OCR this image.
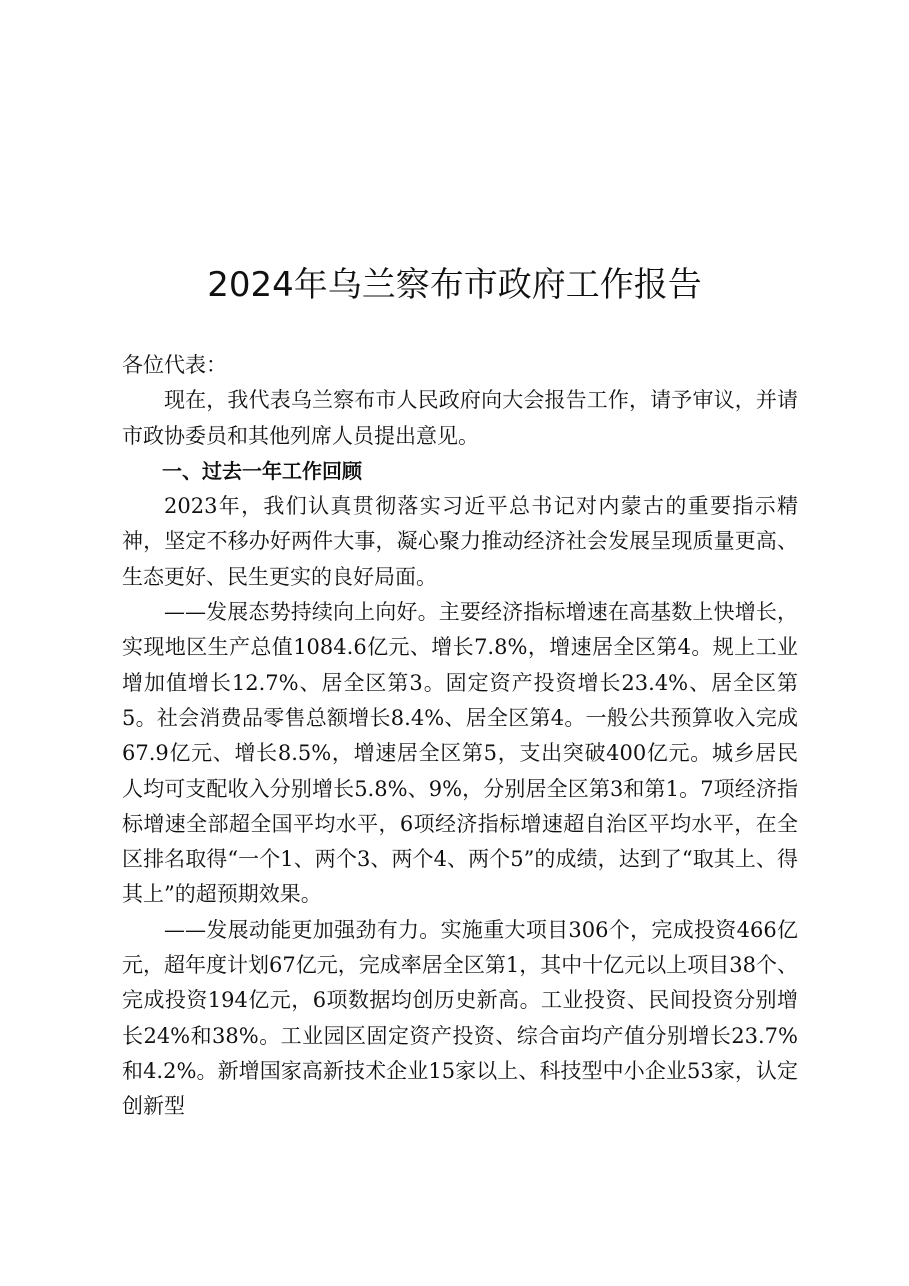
2024年乌兰察布市政府工作报告

各位代表：

现在，我代表乌兰察布市人民政府向大会报告工作，请予审议，并请市政协委员和其他列席人员提出意见。

一、过去一年工作回顾

2023年，我们认真贯彻落实习近平总书记对内蒙古的重要指示精神，坚定不移办好两件大事，凝心聚力推动经济社会发展呈现质量更高、生态更好、民生更实的良好局面。

——发展态势持续向上向好。主要经济指标增速在高基数上快增长，实现地区生产总值1084.6亿元、增长7.8%，增速居全区第4。规上工业增加值增长12.7%、居全区第3。固定资产投资增长23.4%、居全区第5。社会消费品零售总额增长8.4%、居全区第4。一般公共预算收入完成67.9亿元、增长8.5%，增速居全区第5，支出突破400亿元。城乡居民人均可支配收入分别增长5.8%、9%，分别居全区第3和第1。7项经济指标增速全部超全国平均水平，6项经济指标增速超自治区平均水平，在全区排名取得“一个1、两个3、两个4、两个5”的成绩，达到了“取其上、得其上”的超预期效果。

——发展动能更加强劲有力。实施重大项目306个，完成投资466亿元，超年度计划67亿元，完成率居全区第1，其中十亿元以上项目38个、完成投资194亿元，6项数据均创历史新高。工业投资、民间投资分别增长24%和38%。工业园区固定资产投资、综合亩均产值分别增长23.7%和4.2%。新增国家高新技术企业15家以上、科技型中小企业53家，认定创新型
